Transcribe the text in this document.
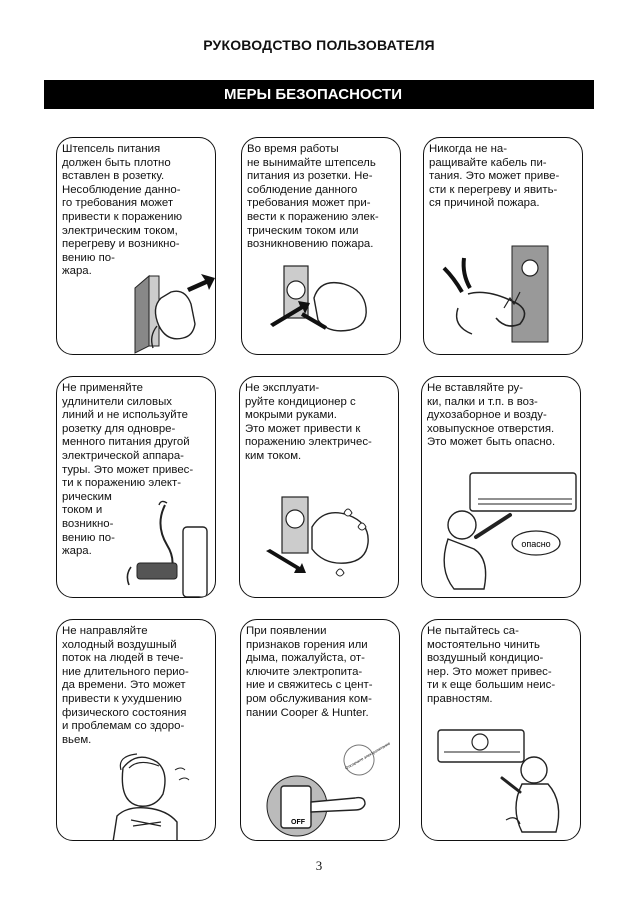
РУКОВОДСТВО ПОЛЬЗОВАТЕЛЯ
МЕРЫ БЕЗОПАСНОСТИ
Штепсель питания
должен быть плотно
вставлен в розетку.
Несоблюдение данно-
го требования может
привести к поражению
электрическим током,
перегреву и возникно-
вению по-
жара.
Во время работы
не вынимайте штепсель
питания из розетки. Не-
соблюдение данного
требования может при-
вести к поражению элек-
трическим током или
возникновению пожара.
Никогда не на-
ращивайте кабель пи-
тания. Это может приве-
сти к перегреву и явить-
ся причиной пожара.
Не применяйте
удлинители силовых
линий и не используйте
розетку для одновре-
менного питания другой
электрической аппара-
туры. Это может привес-
ти к поражению элект-
рическим
током и
возникно-
вению по-
жара.
Не эксплуати-
руйте кондиционер с
мокрыми руками.
Это может привести к
поражению электричес-
ким током.
Не вставляйте ру-
ки, палки и т.п. в воз-
духозаборное и возду-
ховыпускное отверстия.
Это может быть опасно.
опасно
Не направляйте
холодный воздушный
поток на людей в тече-
ние длительного перио-
да времени. Это может
привести к ухудшению
физического состояния
и проблемам со здоро-
вьем.
При появлении
признаков горения или
дыма, пожалуйста, от-
ключите электропита-
ние и свяжитесь с цент-
ром обслуживания ком-
пании Cooper & Hunter.
OFF
Отключите электропитание
Не пытайтесь са-
мостоятельно чинить
воздушный кондицио-
нер. Это может привес-
ти к еще большим неис-
правностям.
3
